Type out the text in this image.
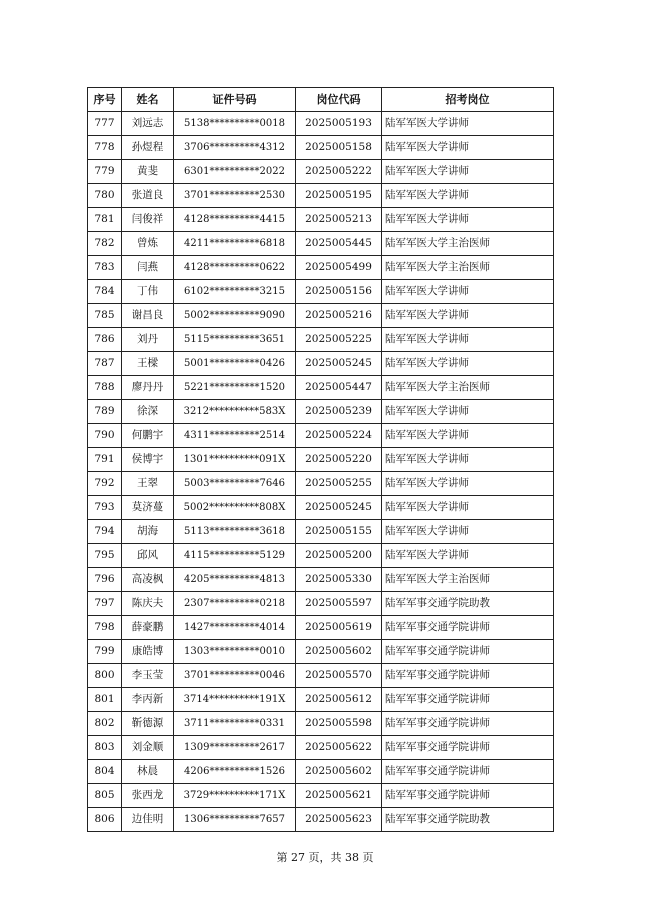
序号	姓名	证件号码	岗位代码	招考岗位
777	刘远志	5138**********0018	2025005193	陆军军医大学讲师
778	孙煜程	3706**********4312	2025005158	陆军军医大学讲师
779	黄斐	6301**********2022	2025005222	陆军军医大学讲师
780	张道良	3701**********2530	2025005195	陆军军医大学讲师
781	闫俊祥	4128**********4415	2025005213	陆军军医大学讲师
782	曾炼	4211**********6818	2025005445	陆军军医大学主治医师
783	闫燕	4128**********0622	2025005499	陆军军医大学主治医师
784	丁伟	6102**********3215	2025005156	陆军军医大学讲师
785	谢昌良	5002**********9090	2025005216	陆军军医大学讲师
786	刘丹	5115**********3651	2025005225	陆军军医大学讲师
787	王樑	5001**********0426	2025005245	陆军军医大学讲师
788	廖丹丹	5221**********1520	2025005447	陆军军医大学主治医师
789	徐深	3212**********583X	2025005239	陆军军医大学讲师
790	何鹏宇	4311**********2514	2025005224	陆军军医大学讲师
791	侯博宇	1301**********091X	2025005220	陆军军医大学讲师
792	王翠	5003**********7646	2025005255	陆军军医大学讲师
793	莫济蔓	5002**********808X	2025005245	陆军军医大学讲师
794	胡海	5113**********3618	2025005155	陆军军医大学讲师
795	邱风	4115**********5129	2025005200	陆军军医大学讲师
796	高凌枫	4205**********4813	2025005330	陆军军医大学主治医师
797	陈庆夫	2307**********0218	2025005597	陆军军事交通学院助教
798	薛豪鹏	1427**********4014	2025005619	陆军军事交通学院讲师
799	康皓博	1303**********0010	2025005602	陆军军事交通学院讲师
800	李玉莹	3701**********0046	2025005570	陆军军事交通学院讲师
801	李丙新	3714**********191X	2025005612	陆军军事交通学院讲师
802	靳德源	3711**********0331	2025005598	陆军军事交通学院讲师
803	刘金顺	1309**********2617	2025005622	陆军军事交通学院讲师
804	林晨	4206**********1526	2025005602	陆军军事交通学院讲师
805	张西龙	3729**********171X	2025005621	陆军军事交通学院讲师
806	边佳明	1306**********7657	2025005623	陆军军事交通学院助教
第 27 页，共 38 页
